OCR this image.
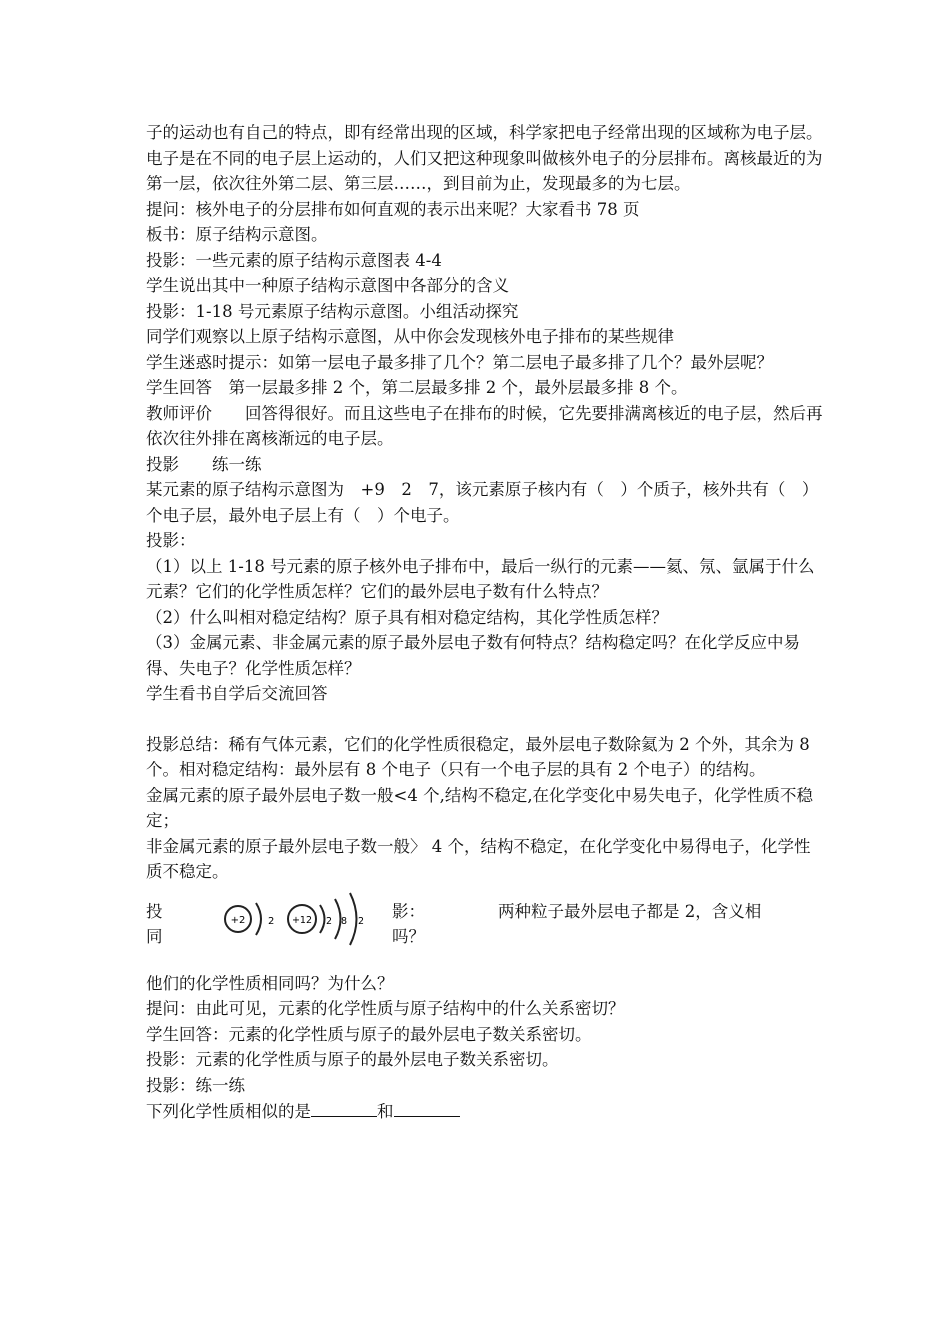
子的运动也有自己的特点，即有经常出现的区域，科学家把电子经常出现的区域称为电子层。电子是在不同的电子层上运动的，人们又把这种现象叫做核外电子的分层排布。离核最近的为第一层，依次往外第二层、第三层……，到目前为止，发现最多的为七层。

提问：核外电子的分层排布如何直观的表示出来呢？大家看书 78 页

板书：原子结构示意图。

投影：一些元素的原子结构示意图表 4-4

学生说出其中一种原子结构示意图中各部分的含义

投影：1-18 号元素原子结构示意图。小组活动探究

同学们观察以上原子结构示意图，从中你会发现核外电子排布的某些规律

学生迷惑时提示：如第一层电子最多排了几个？第二层电子最多排了几个？最外层呢？

学生回答　第一层最多排 2 个，第二层最多排 2 个，最外层最多排 8 个。

教师评价　　回答得很好。而且这些电子在排布的时候，它先要排满离核近的电子层，然后再依次往外排在离核渐远的电子层。

投影　　练一练

某元素的原子结构示意图为　+9　2　7，该元素原子核内有（　）个质子，核外共有（　）个电子层，最外电子层上有（　）个电子。

投影：

（1）以上 1-18 号元素的原子核外电子排布中，最后一纵行的元素——氦、氖、氩属于什么元素？它们的化学性质怎样？它们的最外层电子数有什么特点？

（2）什么叫相对稳定结构？原子具有相对稳定结构，其化学性质怎样？

（3）金属元素、非金属元素的原子最外层电子数有何特点？结构稳定吗？在化学反应中易得、失电子？化学性质怎样？

学生看书自学后交流回答

投影总结：稀有气体元素，它们的化学性质很稳定，最外层电子数除氦为 2 个外，其余为 8 个。相对稳定结构：最外层有 8 个电子（只有一个电子层的具有 2 个电子）的结构。

金属元素的原子最外层电子数一般<4 个,结构不稳定,在化学变化中易失电子，化学性质不稳定；

非金属元素的原子最外层电子数一般〉 4 个，结构不稳定，在化学变化中易得电子，化学性质不稳定。

投
同
+2 2 +12 2 8 2
影：
吗？
两种粒子最外层电子都是 2，含义相

他们的化学性质相同吗？为什么？

提问：由此可见，元素的化学性质与原子结构中的什么关系密切？

学生回答：元素的化学性质与原子的最外层电子数关系密切。

投影：元素的化学性质与原子的最外层电子数关系密切。

投影：练一练

下列化学性质相似的是	和
